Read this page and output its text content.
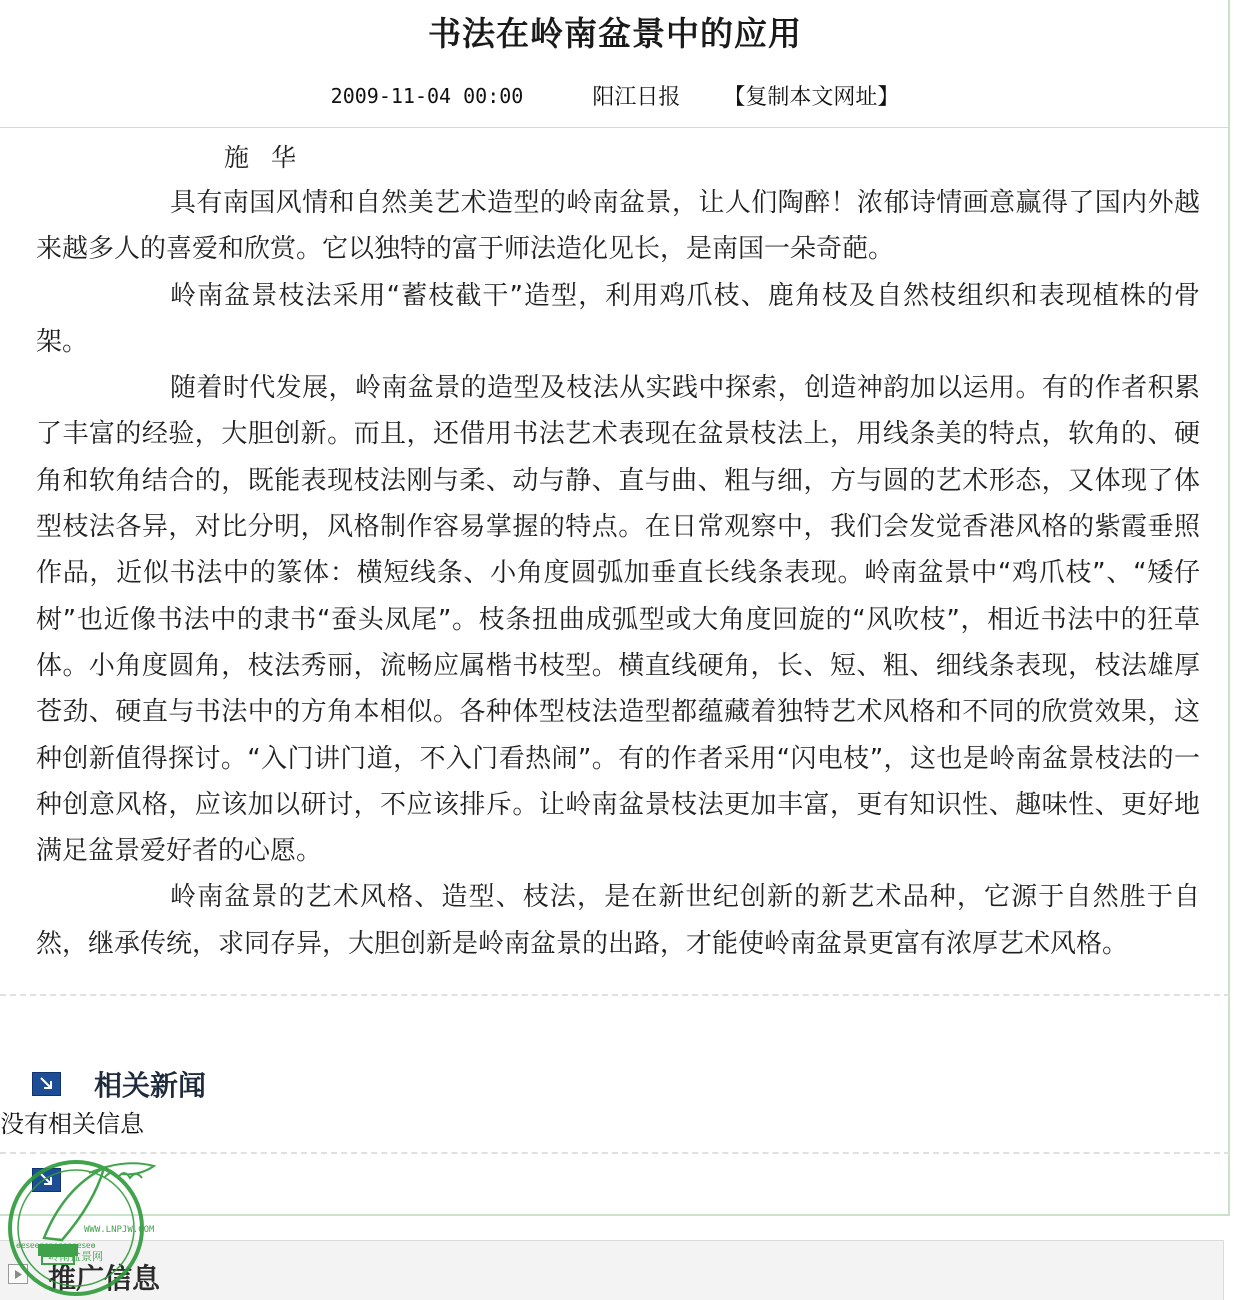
书法在岭南盆景中的应用
2009-11-04 00:00	阳江日报 【复制本文网址】
施华

具有南国风情和自然美艺术造型的岭南盆景，让人们陶醉！浓郁诗情画意赢得了国内外越来越多人的喜爱和欣赏。它以独特的富于师法造化见长，是南国一朵奇葩。

岭南盆景枝法采用“蓄枝截干”造型，利用鸡爪枝、鹿角枝及自然枝组织和表现植株的骨架。

随着时代发展，岭南盆景的造型及枝法从实践中探索，创造神韵加以运用。有的作者积累了丰富的经验，大胆创新。而且，还借用书法艺术表现在盆景枝法上，用线条美的特点，软角的、硬角和软角结合的，既能表现枝法刚与柔、动与静、直与曲、粗与细，方与圆的艺术形态，又体现了体型枝法各异，对比分明，风格制作容易掌握的特点。在日常观察中，我们会发觉香港风格的紫霞垂照作品，近似书法中的篆体：横短线条、小角度圆弧加垂直长线条表现。岭南盆景中“鸡爪枝”、“矮仔树”也近像书法中的隶书“蚕头凤尾”。枝条扭曲成弧型或大角度回旋的“风吹枝”，相近书法中的狂草体。小角度圆角，枝法秀丽，流畅应属楷书枝型。横直线硬角，长、短、粗、细线条表现，枝法雄厚苍劲、硬直与书法中的方角本相似。各种体型枝法造型都蕴藏着独特艺术风格和不同的欣赏效果，这种创新值得探讨。“入门讲门道，不入门看热闹”。有的作者采用“闪电枝”，这也是岭南盆景枝法的一种创意风格，应该加以研讨，不应该排斥。让岭南盆景枝法更加丰富，更有知识性、趣味性、更好地满足盆景爱好者的心愿。

岭南盆景的艺术风格、造型、枝法，是在新世纪创新的新艺术品种，它源于自然胜于自然，继承传统，求同存异，大胆创新是岭南盆景的出路，才能使岭南盆景更富有浓厚艺术风格。

相关新闻
没有相关信息
推广信息
WWW.LNPJW.COM
ѳɐsɐѳɐsɐѳɐsɐѳɐsɐѳ
岭南盆景网
